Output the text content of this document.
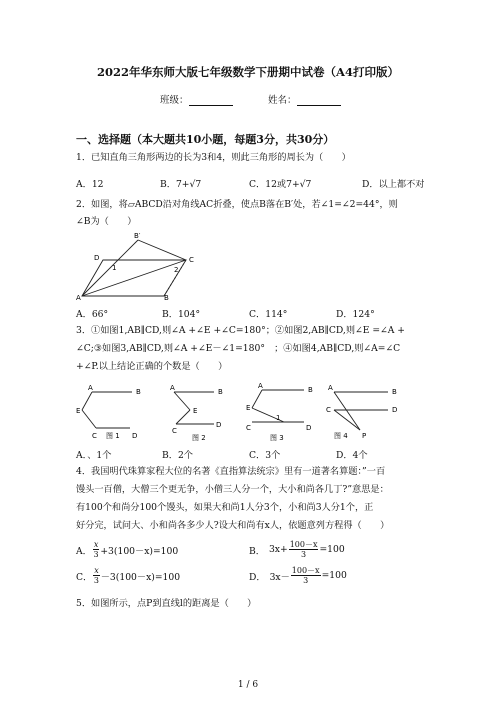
2022年华东师大版七年级数学下册期中试卷（A4打印版）
班级：	姓名：
一、选择题（本大题共10小题，每题3分，共30分）
1．已知直角三角形两边的长为3和4，则此三角形的周长为（　　）
A．12	B．7+√7	C．12或7+√7	D．以上都不对
2．如图，将▱ABCD沿对角线AC折叠，使点B落在B′处，若∠1=∠2=44°，则
∠B为（　　）
B′
D	C
A	B
1	2
A．66°	B．104°	C．114°	D．124°
3．①如图1,AB∥CD,则∠A +∠E +∠C=180°；②如图2,AB∥CD,则∠E =∠A +
∠C;③如图3,AB∥CD,则∠A +∠E－∠1=180°　；④如图4,AB∥CD,则∠A=∠C
+∠P.以上结论正确的个数是（　　）
A	B
E
C	D
图 1
A	B
E
C
D
图 2
A	B
E
C	D
1
图 3
A	B
C	D
P
图 4
A．、1个	B．2个	C．3个	D．4个
4．我国明代珠算家程大位的名著《直指算法统宗》里有一道著名算题：”一百
馒头一百僧，大僧三个更无争，小僧三人分一个，大小和尚各几丁?”意思是：
有100个和尚分100个馒头，如果大和尚1人分3个，小和尚3人分1个，正
好分完，试问大、小和尚各多少人?设大和尚有x人，依题意列方程得（　　）
A． $\frac{x}{3} +3(100-x)=100$	B． $3x+ \frac{100-x}{3} =100$
C． $\frac{x}{3} -3(100-x)=100$	D． $3x- \frac{100-x}{3} =100$
5．如图所示，点P到直线l的距离是（　　）
1 / 6
